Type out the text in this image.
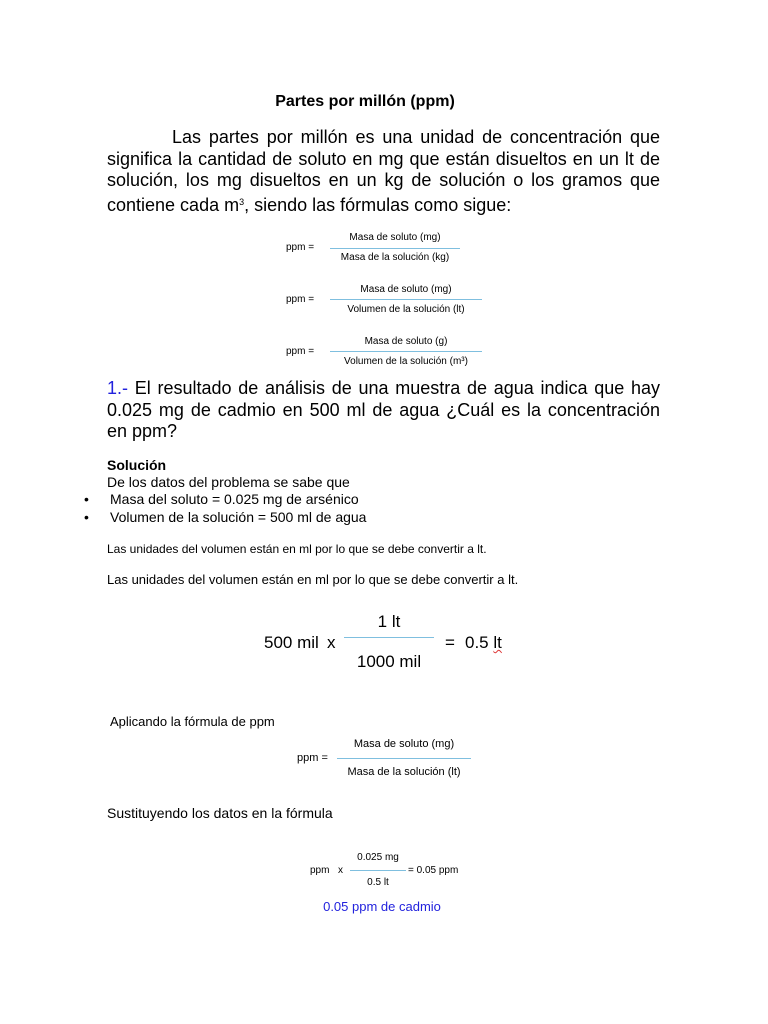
Partes por millón (ppm)
Las partes por millón es una unidad de concentración que significa la cantidad de soluto en mg que están disueltos en un lt de solución, los mg disueltos en un kg de solución o los gramos que contiene cada $m^3$, siendo las fórmulas como sigue:
ppm =
Masa de soluto (mg)
Masa de la solución (kg)
ppm =
Masa de soluto (mg)
Volumen de la solución (lt)
ppm =
Masa de soluto (g)
Volumen de la solución (m³)
1.- El resultado de análisis de una muestra de agua indica que hay 0.025 mg de cadmio en 500 ml de agua ¿Cuál es la concentración en ppm?
Solución
De los datos del problema se sabe que
• Masa del soluto = 0.025 mg de arsénico
• Volumen de la solución = 500 ml de agua
Las unidades del volumen están en ml por lo que se debe convertir a lt.
Las unidades del volumen están en ml por lo que se debe convertir a lt.
500 mil x
1 lt
1000 mil
= 0.5 lt
Aplicando la fórmula de ppm
ppm =
Masa de soluto (mg)
Masa de la solución (lt)
Sustituyendo los datos en la fórmula
ppm x
0.025 mg
0.5 lt
= 0.05 ppm
0.05 ppm de cadmio
